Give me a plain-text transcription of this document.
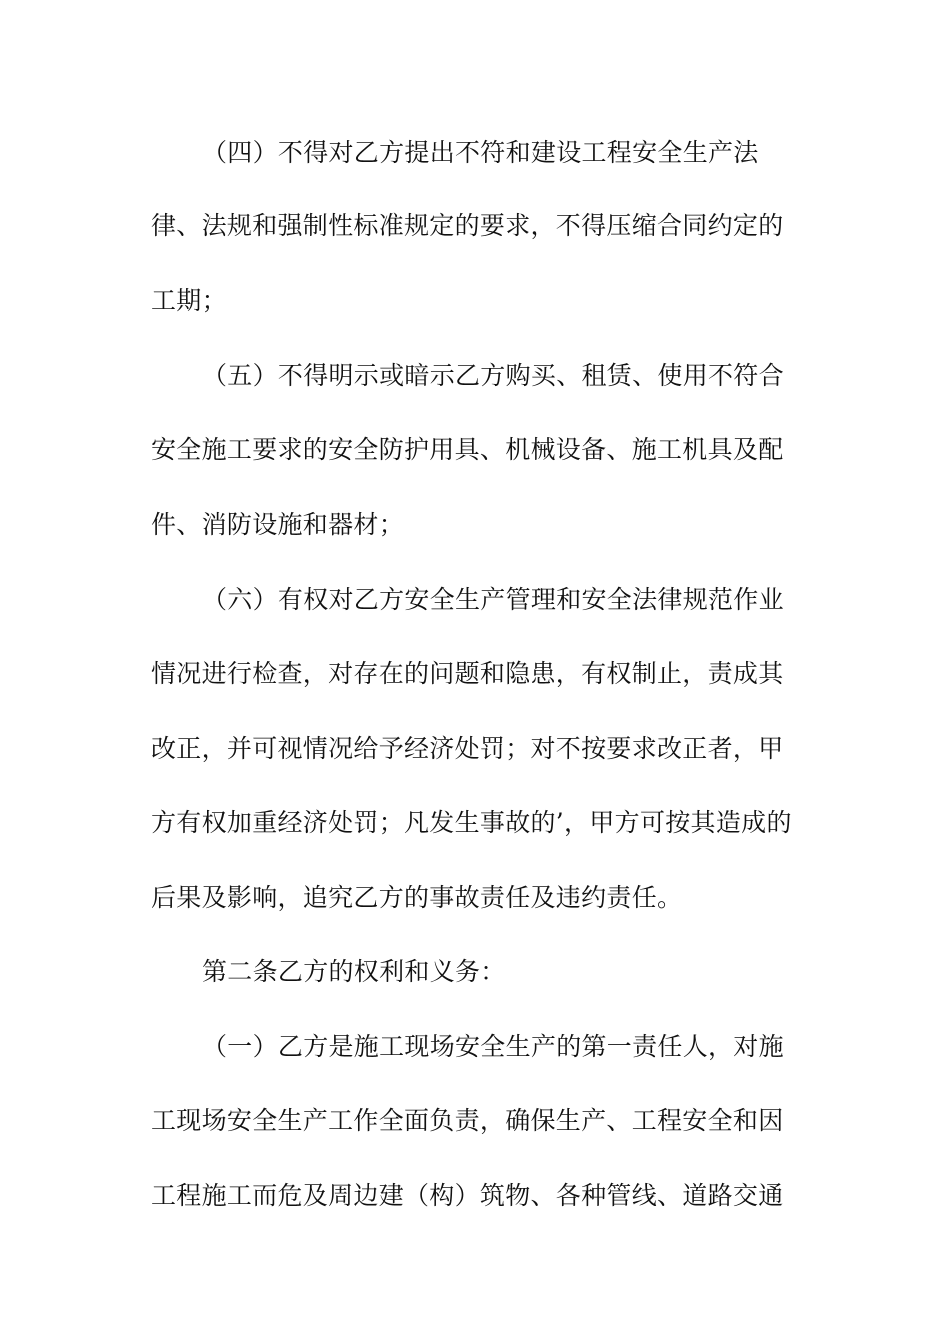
（四）不得对乙方提出不符和建设工程安全生产法
律、法规和强制性标准规定的要求，不得压缩合同约定的
工期；
（五）不得明示或暗示乙方购买、租赁、使用不符合
安全施工要求的安全防护用具、机械设备、施工机具及配
件、消防设施和器材；
（六）有权对乙方安全生产管理和安全法律规范作业
情况进行检查，对存在的问题和隐患，有权制止，责成其
改正，并可视情况给予经济处罚；对不按要求改正者，甲
方有权加重经济处罚；凡发生事故的’，甲方可按其造成的
后果及影响，追究乙方的事故责任及违约责任。
第二条乙方的权利和义务：
（一）乙方是施工现场安全生产的第一责任人，对施
工现场安全生产工作全面负责，确保生产、工程安全和因
工程施工而危及周边建（构）筑物、各种管线、道路交通
